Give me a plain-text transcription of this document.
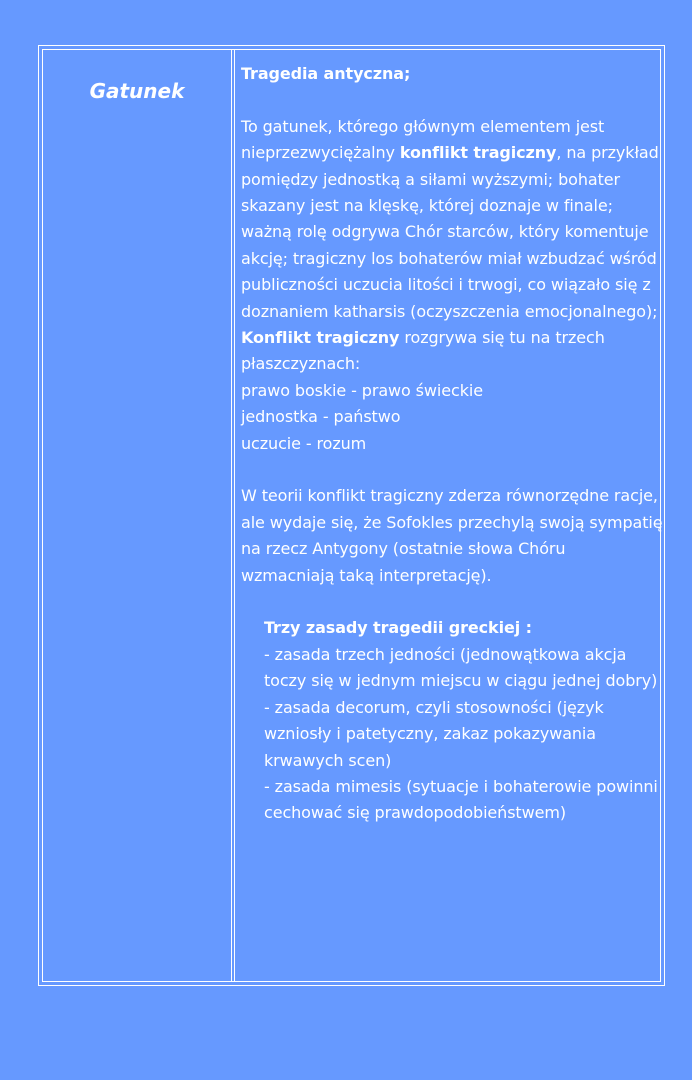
Gatunek

Tragedia antyczna;

To gatunek, którego głównym elementem jest nieprzezwyciężalny konflikt tragiczny, na przykład pomiędzy jednostką a siłami wyższymi; bohater skazany jest na klęskę, której doznaje w finale; ważną rolę odgrywa Chór starców, który komentuje akcję; tragiczny los bohaterów miał wzbudzać wśród publiczności uczucia litości i trwogi, co wiązało się z doznaniem katharsis (oczyszczenia emocjonalnego);

Konflikt tragiczny rozgrywa się tu na trzech płaszczyznach:

prawo boskie - prawo świeckie

jednostka - państwo

uczucie - rozum

W teorii konflikt tragiczny zderza równorzędne racje, ale wydaje się, że Sofokles przechylą swoją sympatię na rzecz Antygony (ostatnie słowa Chóru wzmacniają taką interpretację).

Trzy zasady tragedii greckiej :

- zasada trzech jedności (jednowątkowa akcja toczy się w jednym miejscu w ciągu jednej dobry)

- zasada decorum, czyli stosowności (język wzniosły i patetyczny, zakaz pokazywania krwawych scen)

- zasada mimesis (sytuacje i bohaterowie powinni cechować się prawdopodobieństwem)
